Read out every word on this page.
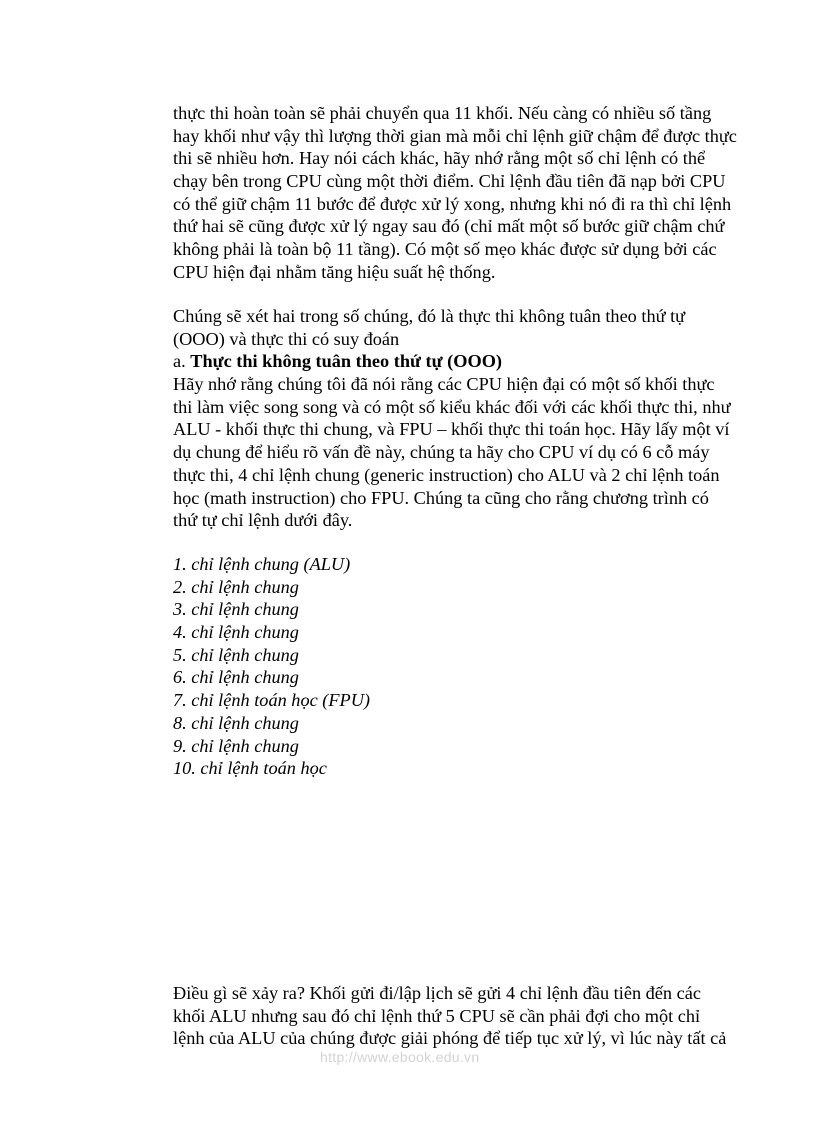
thực thi hoàn toàn sẽ phải chuyển qua 11 khối. Nếu càng có nhiều số tầng
hay khối như vậy thì lượng thời gian mà mỗi chỉ lệnh giữ chậm để được thực
thi sẽ nhiều hơn. Hay nói cách khác, hãy nhớ rằng một số chỉ lệnh có thể
chạy bên trong CPU cùng một thời điểm. Chỉ lệnh đầu tiên đã nạp bởi CPU
có thể giữ chậm 11 bước để được xử lý xong, nhưng khi nó đi ra thì chỉ lệnh
thứ hai sẽ cũng được xử lý ngay sau đó (chỉ mất một số bước giữ chậm chứ
không phải là toàn bộ 11 tầng). Có một số mẹo khác được sử dụng bởi các
CPU hiện đại nhằm tăng hiệu suất hệ thống.
Chúng sẽ xét hai trong số chúng, đó là thực thi không tuân theo thứ tự
(OOO) và thực thi có suy đoán
a. Thực thi không tuân theo thứ tự (OOO)
Hãy nhớ rằng chúng tôi đã nói rằng các CPU hiện đại có một số khối thực
thi làm việc song song và có một số kiểu khác đối với các khối thực thi, như
ALU - khối thực thi chung, và FPU – khối thực thi toán học. Hãy lấy một ví
dụ chung để hiểu rõ vấn đề này, chúng ta hãy cho CPU ví dụ có 6 cỗ máy
thực thi, 4 chỉ lệnh chung (generic instruction) cho ALU và 2 chỉ lệnh toán
học (math instruction) cho FPU. Chúng ta cũng cho rằng chương trình có
thứ tự chỉ lệnh dưới đây.
1. chỉ lệnh chung (ALU)
2. chỉ lệnh chung
3. chỉ lệnh chung
4. chỉ lệnh chung
5. chỉ lệnh chung
6. chỉ lệnh chung
7. chỉ lệnh toán học (FPU)
8. chỉ lệnh chung
9. chỉ lệnh chung
10. chỉ lệnh toán học
Điều gì sẽ xảy ra? Khối gửi đi/lập lịch sẽ gửi 4 chỉ lệnh đầu tiên đến các
khối ALU nhưng sau đó chỉ lệnh thứ 5 CPU sẽ cần phải đợi cho một chỉ
lệnh của ALU của chúng được giải phóng để tiếp tục xử lý, vì lúc này tất cả
http://www.ebook.edu.vn
